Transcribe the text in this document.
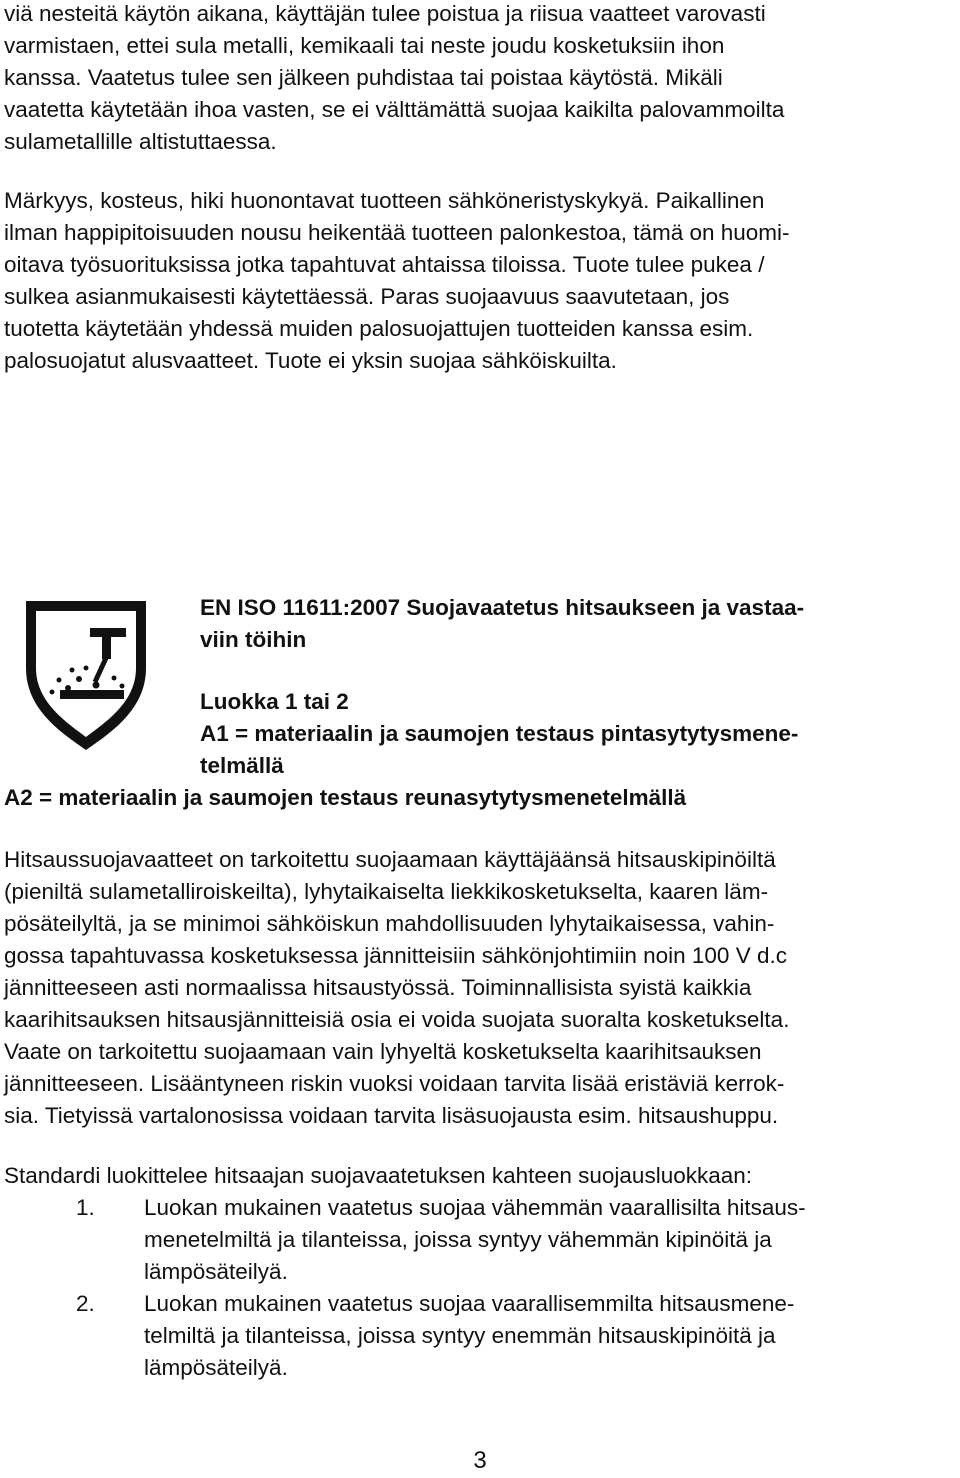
viä nesteitä käytön aikana, käyttäjän tulee poistua ja riisua vaatteet varovasti

varmistaen, ettei sula metalli, kemikaali tai neste joudu kosketuksiin ihon

kanssa. Vaatetus tulee sen jälkeen puhdistaa tai poistaa käytöstä. Mikäli

vaatetta käytetään ihoa vasten, se ei välttämättä suojaa kaikilta palovammoilta

sulametallille altistuttaessa.

Märkyys, kosteus, hiki huonontavat tuotteen sähköneristyskykyä. Paikallinen

ilman happipitoisuuden nousu heikentää tuotteen palonkestoa, tämä on huomi-

oitava työsuorituksissa jotka tapahtuvat ahtaissa tiloissa. Tuote tulee pukea /

sulkea asianmukaisesti käytettäessä. Paras suojaavuus saavutetaan, jos

tuotetta käytetään yhdessä muiden palosuojattujen tuotteiden kanssa esim.

palosuojatut alusvaatteet. Tuote ei yksin suojaa sähköiskuilta.

EN ISO 11611:2007 Suojavaatetus hitsaukseen ja vastaa-

viin töihin

Luokka 1 tai 2

A1 = materiaalin ja saumojen testaus pintasytytysmene-

telmällä

A2 = materiaalin ja saumojen testaus reunasytytysmenetelmällä

Hitsaussuojavaatteet on tarkoitettu suojaamaan käyttäjäänsä hitsauskipinöiltä

(pieniltä sulametalliroiskeilta), lyhytaikaiselta liekkikosketukselta, kaaren läm-

pösäteilyltä, ja se minimoi sähköiskun mahdollisuuden lyhytaikaisessa, vahin-

gossa tapahtuvassa kosketuksessa jännitteisiin sähkönjohtimiin noin 100 V d.c

jännitteeseen asti normaalissa hitsaustyössä. Toiminnallisista syistä kaikkia

kaarihitsauksen hitsausjännitteisiä osia ei voida suojata suoralta kosketukselta.

Vaate on tarkoitettu suojaamaan vain lyhyeltä kosketukselta kaarihitsauksen

jännitteeseen. Lisääntyneen riskin vuoksi voidaan tarvita lisää eristäviä kerrok-

sia. Tietyissä vartalonosissa voidaan tarvita lisäsuojausta esim. hitsaushuppu.

Standardi luokittelee hitsaajan suojavaatetuksen kahteen suojausluokkaan:

1. Luokan mukainen vaatetus suojaa vähemmän vaarallisilta hitsaus-

menetelmiltä ja tilanteissa, joissa syntyy vähemmän kipinöitä ja

lämpösäteilyä.

2. Luokan mukainen vaatetus suojaa vaarallisemmilta hitsausmene-

telmiltä ja tilanteissa, joissa syntyy enemmän hitsauskipinöitä ja

lämpösäteilyä.

3
